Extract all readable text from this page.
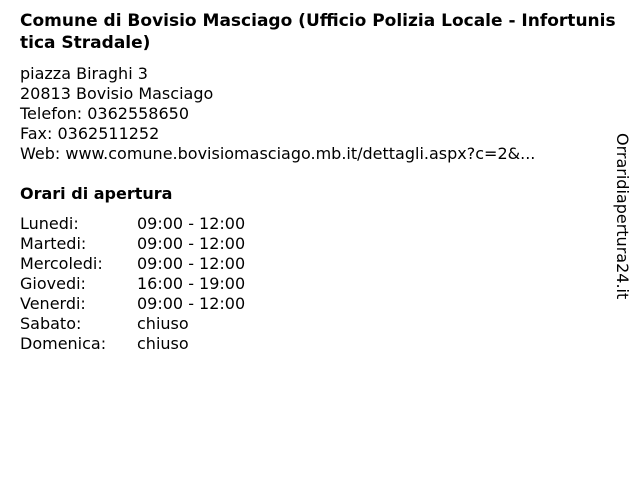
Comune di Bovisio Masciago (Ufficio Polizia Locale - Infortunistica Stradale)
piazza Biraghi 3
20813 Bovisio Masciago
Telefon: 0362558650
Fax: 0362511252
Web: www.comune.bovisiomasciago.mb.it/dettagli.aspx?c=2&...
Orari di apertura
Lunedi:	09:00 - 12:00
Martedi:	09:00 - 12:00
Mercoledi:	09:00 - 12:00
Giovedi:	16:00 - 19:00
Venerdi:	09:00 - 12:00
Sabato:	chiuso
Domenica:	chiuso
Orraridiapertura24.it
